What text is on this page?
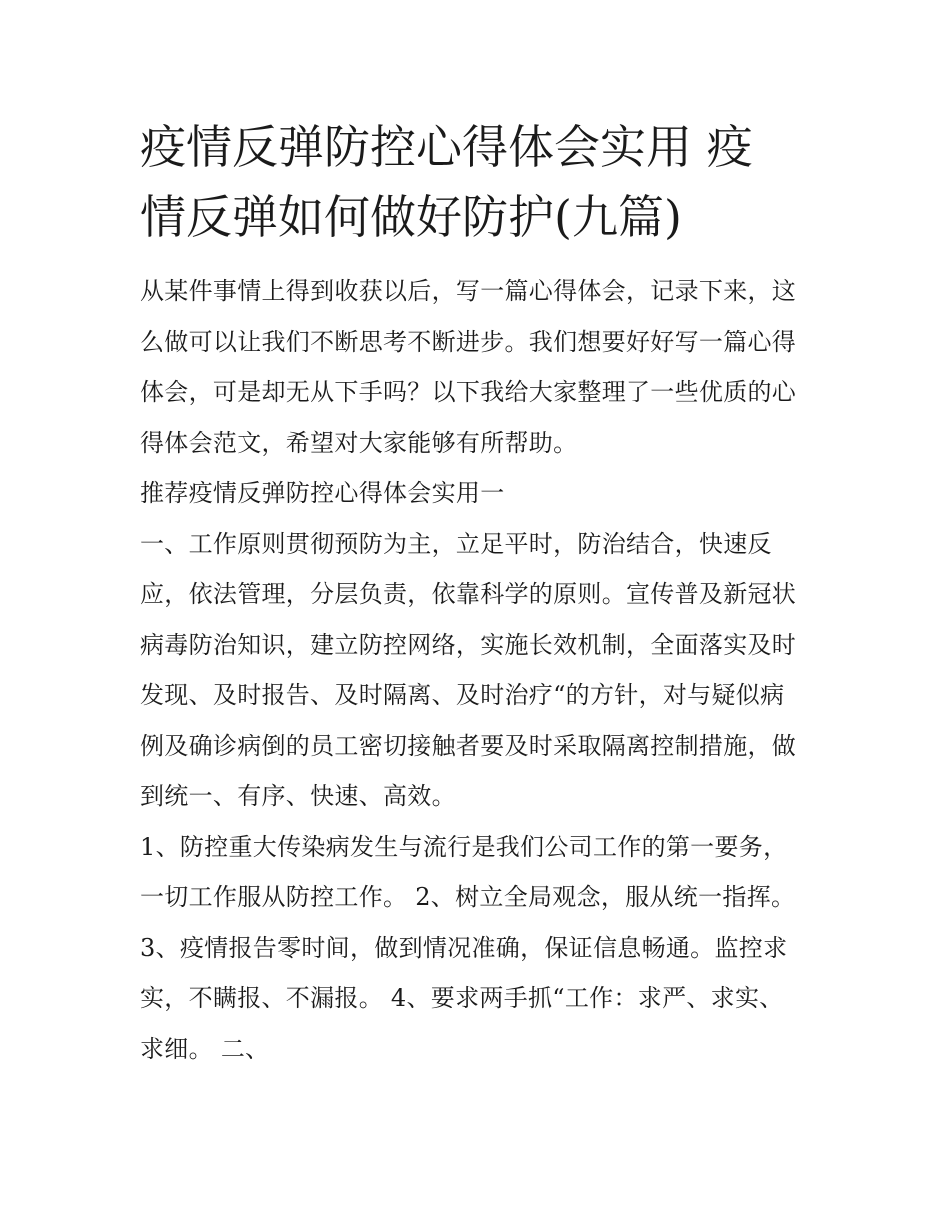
疫情反弹防控心得体会实用 疫
情反弹如何做好防护(九篇)
从某件事情上得到收获以后，写一篇心得体会，记录下来，这
么做可以让我们不断思考不断进步。我们想要好好写一篇心得
体会，可是却无从下手吗？以下我给大家整理了一些优质的心
得体会范文，希望对大家能够有所帮助。
推荐疫情反弹防控心得体会实用一
一、工作原则贯彻预防为主，立足平时，防治结合，快速反
应，依法管理，分层负责，依靠科学的原则。宣传普及新冠状
病毒防治知识，建立防控网络，实施长效机制，全面落实及时
发现、及时报告、及时隔离、及时治疗“的方针，对与疑似病
例及确诊病倒的员工密切接触者要及时采取隔离控制措施，做
到统一、有序、快速、高效。
1、防控重大传染病发生与流行是我们公司工作的第一要务，
一切工作服从防控工作。 2、树立全局观念，服从统一指挥。
3、疫情报告零时间，做到情况准确，保证信息畅通。监控求
实，不瞒报、不漏报。 4、要求两手抓“工作：求严、求实、
求细。 二、
